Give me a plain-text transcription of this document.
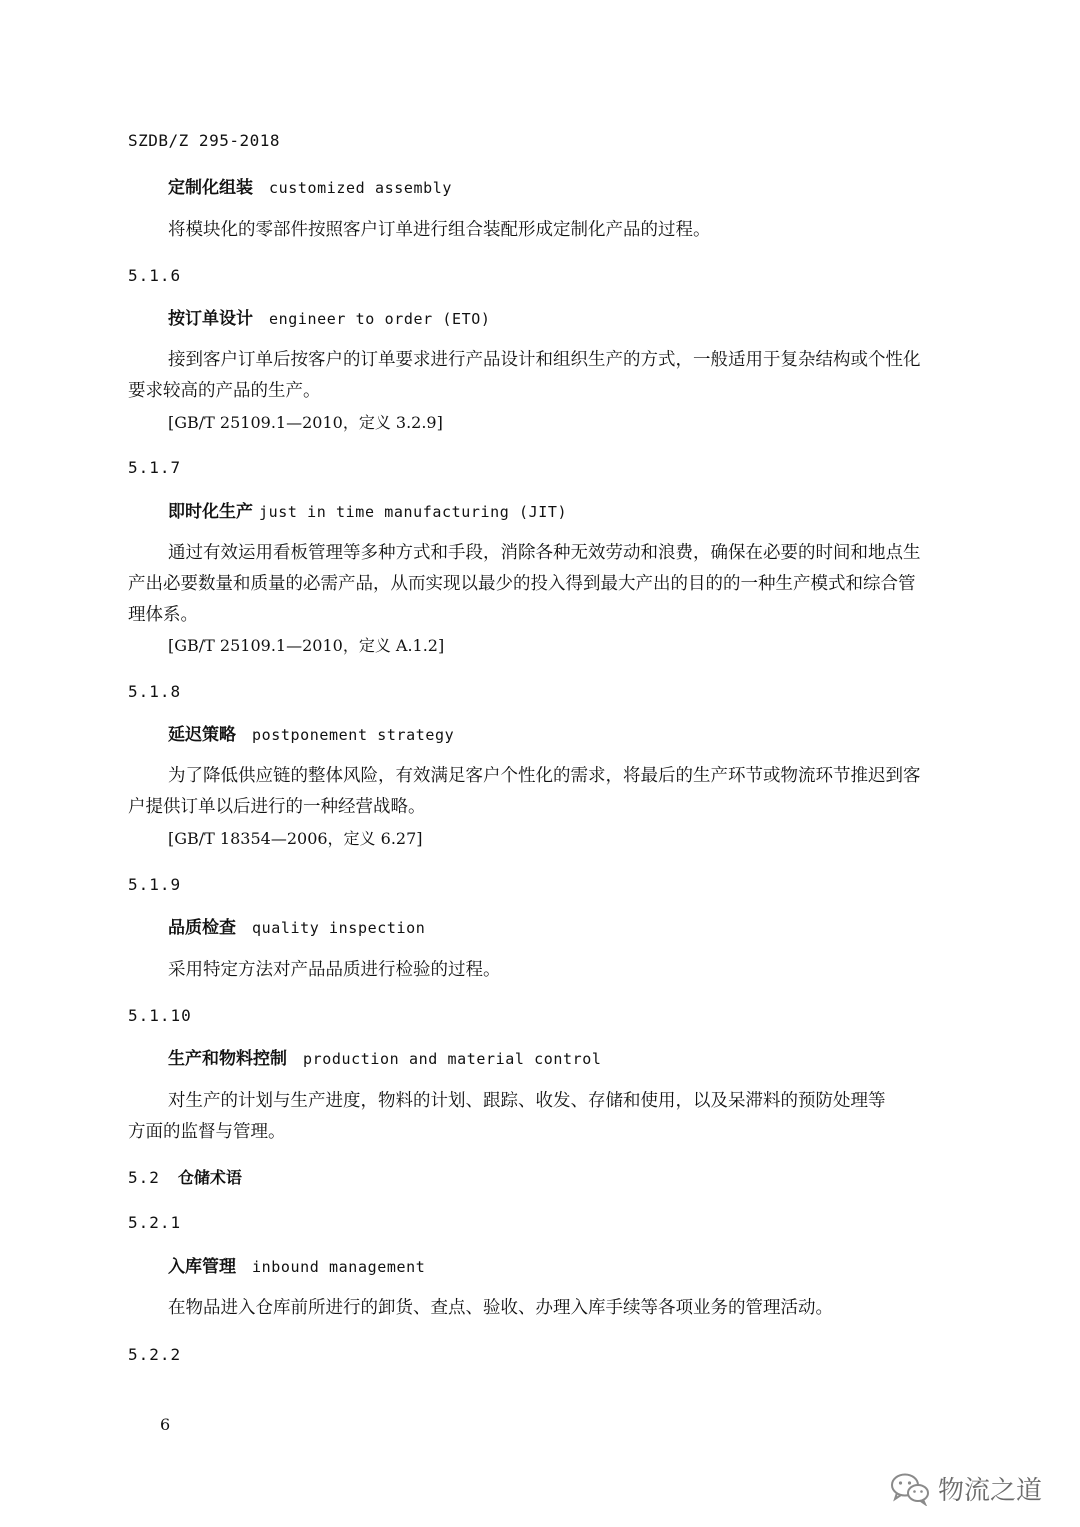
SZDB/Z 295-2018
定制化组装 customized assembly
将模块化的零部件按照客户订单进行组合装配形成定制化产品的过程。
5.1.6
按订单设计 engineer to order (ETO)
接到客户订单后按客户的订单要求进行产品设计和组织生产的方式，一般适用于复杂结构或个性化
要求较高的产品的生产。
[GB/T 25109.1—2010，定义 3.2.9]
5.1.7
即时化生产 just in time manufacturing (JIT)
通过有效运用看板管理等多种方式和手段，消除各种无效劳动和浪费，确保在必要的时间和地点生
产出必要数量和质量的必需产品，从而实现以最少的投入得到最大产出的目的的一种生产模式和综合管
理体系。
[GB/T 25109.1—2010，定义 A.1.2]
5.1.8
延迟策略 postponement strategy
为了降低供应链的整体风险，有效满足客户个性化的需求，将最后的生产环节或物流环节推迟到客
户提供订单以后进行的一种经营战略。
[GB/T 18354—2006，定义 6.27]
5.1.9
品质检查 quality inspection
采用特定方法对产品品质进行检验的过程。
5.1.10
生产和物料控制 production and material control
对生产的计划与生产进度，物料的计划、跟踪、收发、存储和使用，以及呆滞料的预防处理等
方面的监督与管理。
5.2 仓储术语
5.2.1
入库管理 inbound management
在物品进入仓库前所进行的卸货、查点、验收、办理入库手续等各项业务的管理活动。
5.2.2
6
物流之道
